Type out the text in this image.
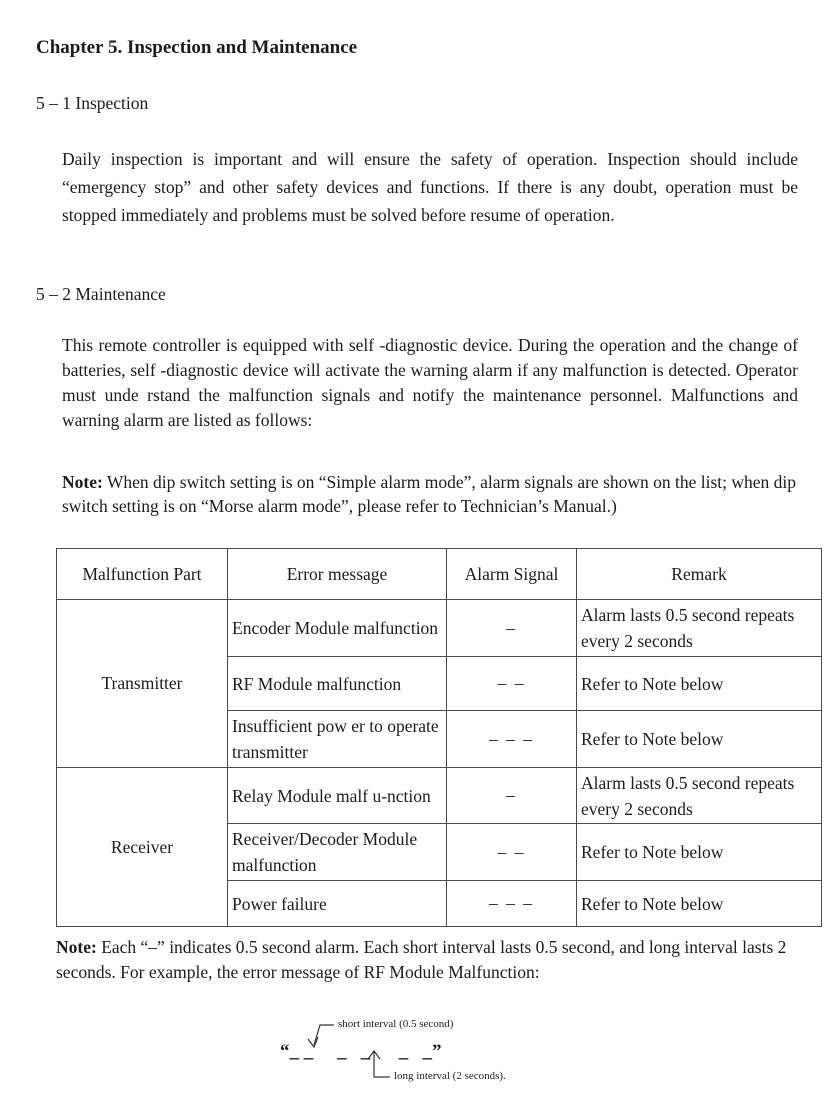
Chapter 5. Inspection and Maintenance
5 – 1 Inspection

Daily inspection is important and will ensure the safety of operation. Inspection should include “emergency stop” and other safety devices and functions. If there is any doubt, operation must be stopped immediately and problems must be solved before resume of operation.

5 – 2 Maintenance

This remote controller is equipped with self -diagnostic device. During the operation and the change of batteries, self -diagnostic device will activate the warning alarm if any malfunction is detected. Operator must unde rstand the malfunction signals and notify the maintenance personnel. Malfunctions and warning alarm are listed as follows:

Note: When dip switch setting is on “Simple alarm mode”, alarm signals are shown on the list; when dip switch setting is on “Morse alarm mode”, please refer to Technician’s Manual.)

Malfunction Part	Error message	Alarm Signal	Remark
Transmitter	Encoder Module malfunction	–	Alarm lasts 0.5 second repeats every 2 seconds
	RF Module malfunction	– –	Refer to Note below
	Insufficient pow er to operate transmitter	– – –	Refer to Note below
Receiver	Relay Module malf u-nction	–	Alarm lasts 0.5 second repeats every 2 seconds
	Receiver/Decoder Module malfunction	– –	Refer to Note below
	Power failure	– – –	Refer to Note below

Note: Each “–” indicates 0.5 second alarm. Each short interval lasts 0.5 second, and long interval lasts 2 seconds. For example, the error message of RF Module Malfunction:

short interval (0.5 second)
“_ _     _   _      _   _”
long interval (2 seconds).
